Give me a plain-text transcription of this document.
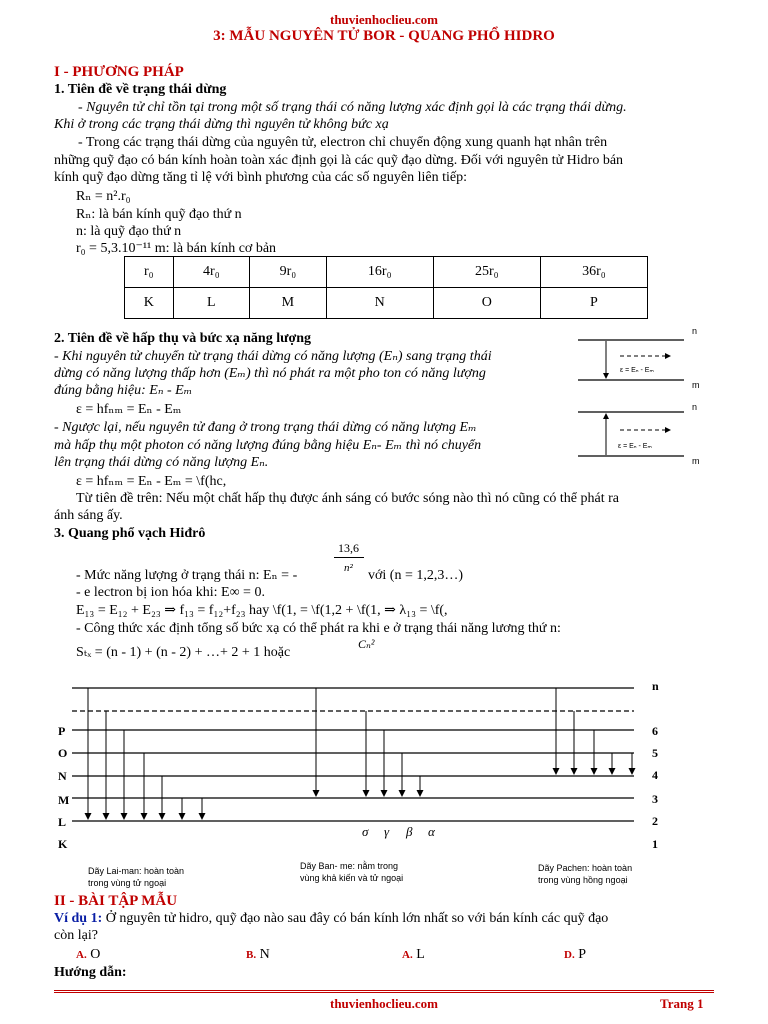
thuvienhoclieu.com
3: MẪU NGUYÊN TỬ BOR - QUANG PHỔ HIDRO
I - PHƯƠNG PHÁP
1. Tiên đề về trạng thái dừng
- Nguyên tử chỉ tồn tại trong một số trạng thái có năng lượng xác định gọi là các trạng thái dừng.
Khi ở trong các trạng thái dừng thì nguyên tử không bức xạ
- Trong các trạng thái dừng của nguyên tử, electron chỉ chuyển động xung quanh hạt nhân trên
những quỹ đạo có bán kính hoàn toàn xác định gọi là các quỹ đạo dừng. Đối với nguyên tử Hidro bán
kính quỹ đạo dừng tăng tỉ lệ với bình phương của các số nguyên liên tiếp:
Rₙ = n².r₀
Rₙ: là bán kính quỹ đạo thứ n
n: là quỹ đạo thứ n
r₀ = 5,3.10⁻¹¹ m: là bán kính cơ bản
r₀	4r₀	9r₀	16r₀	25r₀	36r₀
K	L	M	N	O	P
2. Tiên đề về hấp thụ và bức xạ năng lượng
- Khi nguyên tử chuyển từ trạng thái dừng có năng lượng (Eₙ) sang trạng thái
dừng có năng lượng thấp hơn (Eₘ) thì nó phát ra một pho ton có năng lượng
đúng bằng hiệu: Eₙ - Eₘ
ε = hfₙₘ = Eₙ - Eₘ
- Ngược lại, nếu nguyên tử đang ở trong trạng thái dừng có năng lượng Eₘ
mà hấp thụ một photon có năng lượng đúng bằng hiệu Eₙ- Eₘ thì nó chuyển
lên trạng thái dừng có năng lượng Eₙ.
ε = hfₙₘ = Eₙ - Eₘ = \f(hc,
Từ tiên đề trên: Nếu một chất hấp thụ được ánh sáng có bước sóng nào thì nó cũng có thể phát ra
ánh sáng ấy.
n
m
ε = Eₙ - Eₘ
n
m
ε = Eₙ - Eₘ
3. Quang phổ vạch Hiđrô
13,6
n²
- Mức năng lượng ở trạng thái n: Eₙ = -	với (n = 1,2,3…)
- e lectron bị ion hóa khi: E∞ = 0.
E₁₃ = E₁₂ + E₂₃ ⇒ f₁₃ = f₁₂+f₂₃ hay \f(1, = \f(1,2 + \f(1, ⇒ λ₁₃ = \f(,
- Công thức xác định tổng số bức xạ có thể phát ra khi e ở trạng thái năng lương thứ n:
Sₜₓ = (n - 1) + (n - 2) + …+ 2 + 1 hoặc
Cₙ²
P
O
N
M
L
K
n
6
5
4
3
2
1
σ γ β α
Dãy Lai-man: hoàn toàn
trong vùng tử ngoại
Dãy Ban- me: nằm trong
vùng khả kiến và tử ngoại
Dãy Pachen: hoàn toàn
trong vùng hồng ngoại
II - BÀI TẬP MẪU
Ví dụ 1: Ở nguyên tử hidro, quỹ đạo nào sau đây có bán kính lớn nhất so với bán kính các quỹ đạo
còn lại?
A. O	B. N	A. L	D. P
Hướng dẫn:
thuvienhoclieu.com	Trang 1
